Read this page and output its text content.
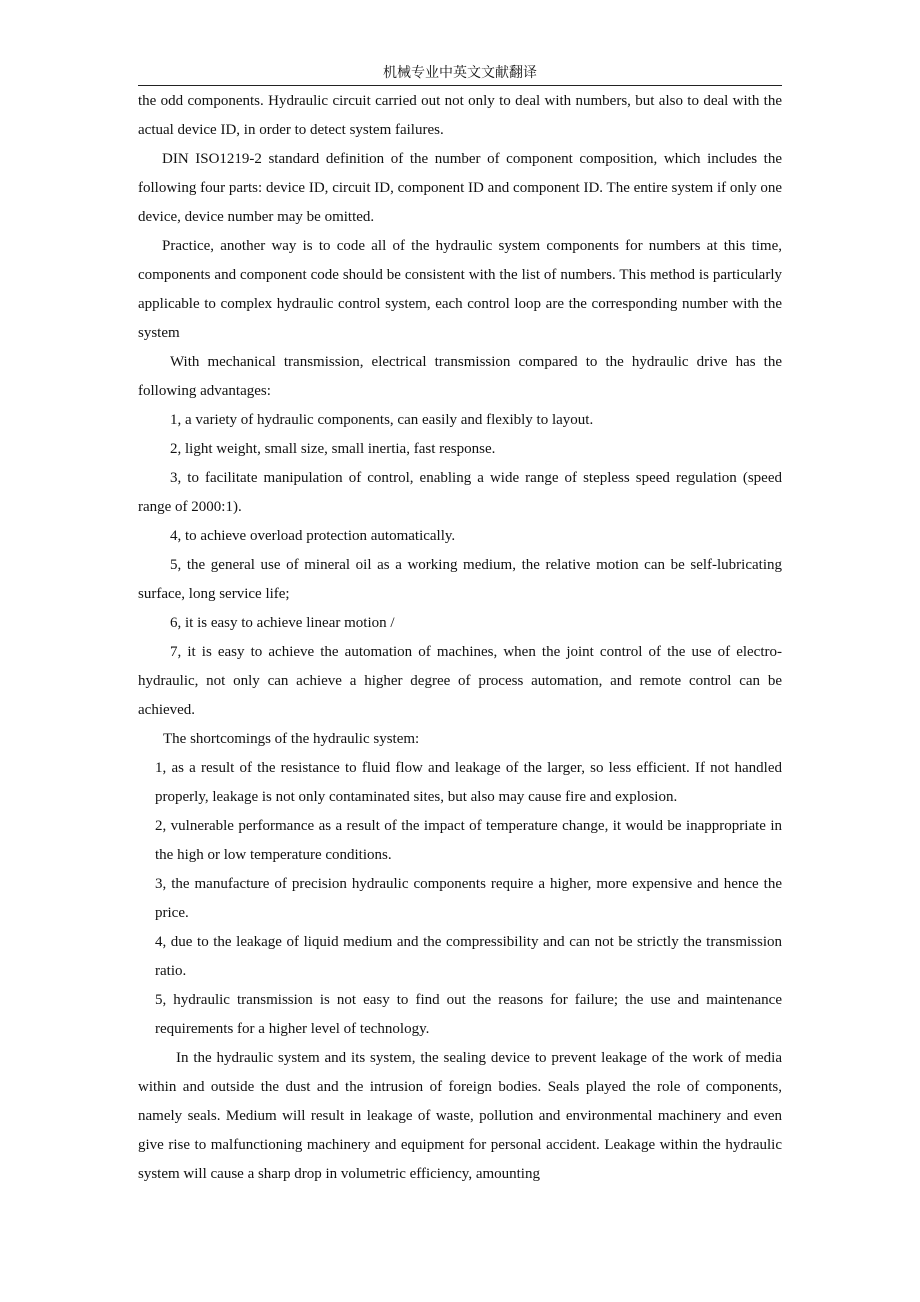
机械专业中英文文献翻译

the odd components. Hydraulic circuit carried out not only to deal with numbers, but also to deal with the actual device ID, in order to detect system failures.

DIN ISO1219-2 standard definition of the number of component composition, which includes the following four parts: device ID, circuit ID, component ID and component ID. The entire system if only one device, device number may be omitted.

Practice, another way is to code all of the hydraulic system components for numbers at this time, components and component code should be consistent with the list of numbers. This method is particularly applicable to complex hydraulic control system, each control loop are the corresponding number with the system

With mechanical transmission, electrical transmission compared to the hydraulic drive has the following advantages:

1, a variety of hydraulic components, can easily and flexibly to layout.

2, light weight, small size, small inertia, fast response.

3, to facilitate manipulation of control, enabling a wide range of stepless speed regulation (speed range of 2000:1).

4, to achieve overload protection automatically.

5, the general use of mineral oil as a working medium, the relative motion can be self-lubricating surface, long service life;

6, it is easy to achieve linear motion /

7, it is easy to achieve the automation of machines, when the joint control of the use of electro-hydraulic, not only can achieve a higher degree of process automation, and remote control can be achieved.

The shortcomings of the hydraulic system:

1, as a result of the resistance to fluid flow and leakage of the larger, so less efficient. If not handled properly, leakage is not only contaminated sites, but also may cause fire and explosion.

2, vulnerable performance as a result of the impact of temperature change, it would be inappropriate in the high or low temperature conditions.

3, the manufacture of precision hydraulic components require a higher, more expensive and hence the price.

4, due to the leakage of liquid medium and the compressibility and can not be strictly the transmission ratio.

5, hydraulic transmission is not easy to find out the reasons for failure; the use and maintenance requirements for a higher level of technology.

In the hydraulic system and its system, the sealing device to prevent leakage of the work of media within and outside the dust and the intrusion of foreign bodies. Seals played the role of components, namely seals. Medium will result in leakage of waste, pollution and environmental machinery and even give rise to malfunctioning machinery and equipment for personal accident. Leakage within the hydraulic system will cause a sharp drop in volumetric efficiency, amounting
